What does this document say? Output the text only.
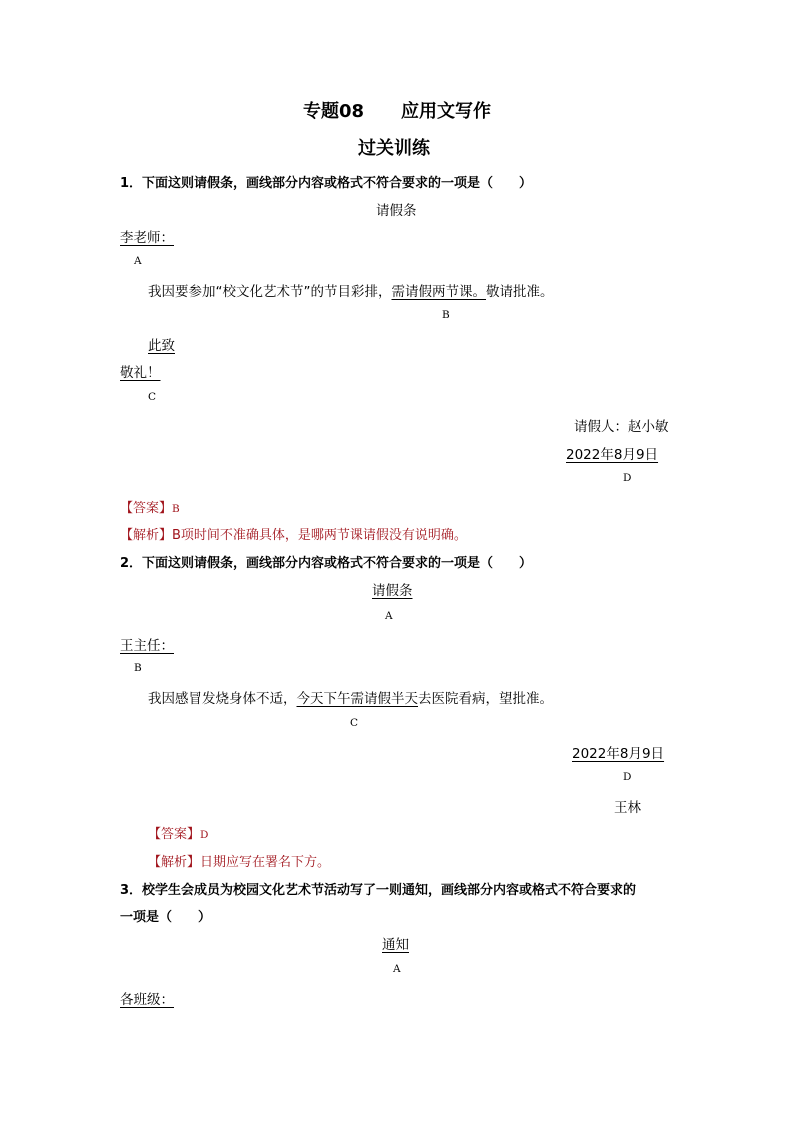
专题08 应用文写作
过关训练
1．下面这则请假条，画线部分内容或格式不符合要求的一项是（　　）
请假条
李老师：
A
我因要参加“校文化艺术节”的节目彩排，需请假两节课。敬请批准。
B
此致
敬礼！
C
请假人：赵小敏
2022年8月9日
D
【答案】B
【解析】B项时间不准确具体，是哪两节课请假没有说明确。
2．下面这则请假条，画线部分内容或格式不符合要求的一项是（　　）
请假条
A
王主任：
B
我因感冒发烧身体不适，今天下午需请假半天去医院看病，望批准。
C
2022年8月9日
D
王林
【答案】D
【解析】日期应写在署名下方。
3．校学生会成员为校园文化艺术节活动写了一则通知，画线部分内容或格式不符合要求的
一项是（　　）
通知
A
各班级：
